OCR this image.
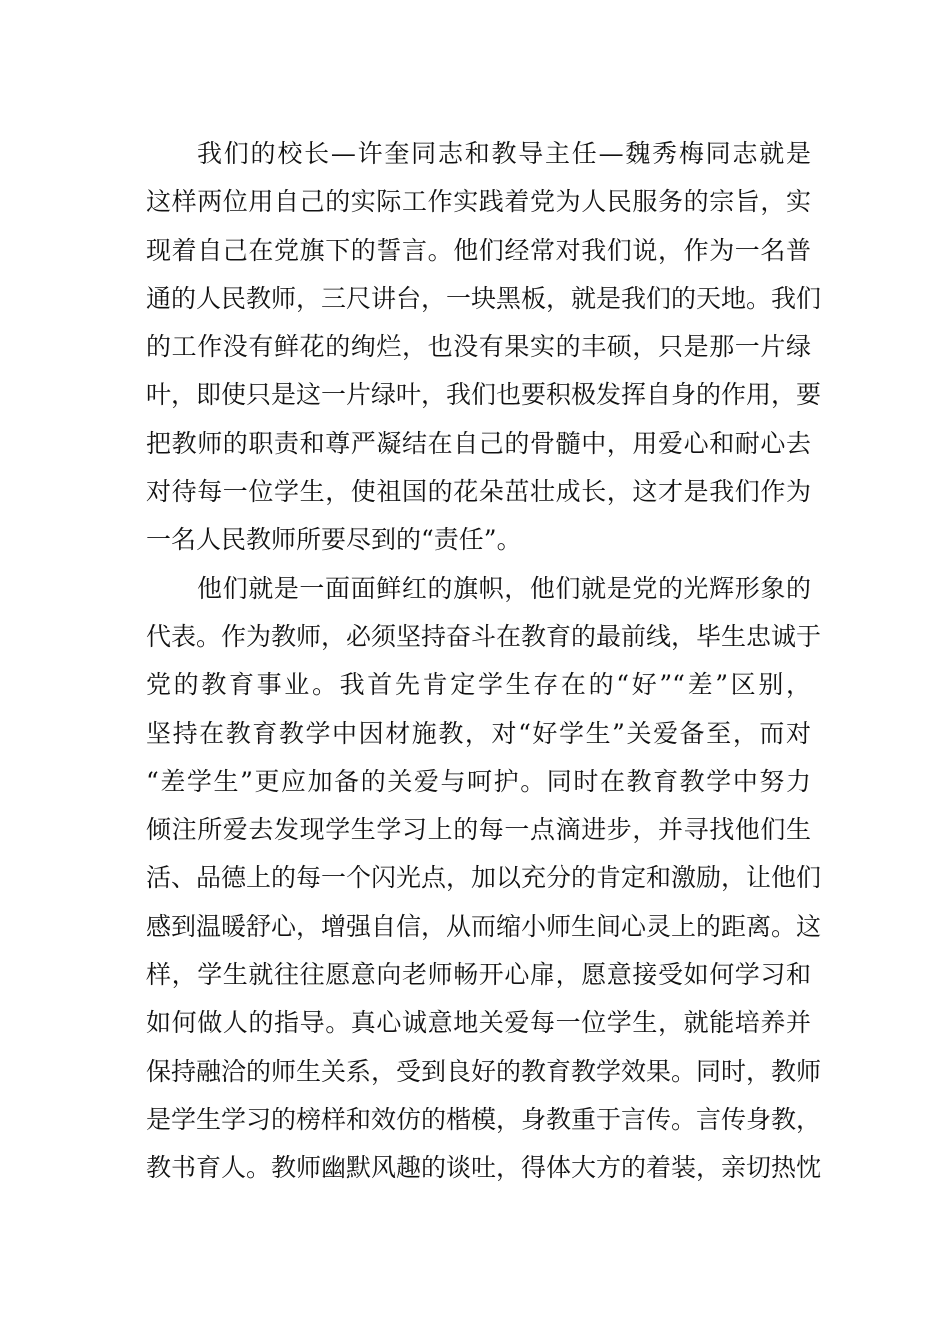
我们的校长—许奎同志和教导主任—魏秀梅同志就是
这样两位用自己的实际工作实践着党为人民服务的宗旨，实
现着自己在党旗下的誓言。他们经常对我们说，作为一名普
通的人民教师，三尺讲台，一块黑板，就是我们的天地。我们
的工作没有鲜花的绚烂，也没有果实的丰硕，只是那一片绿
叶，即使只是这一片绿叶，我们也要积极发挥自身的作用，要
把教师的职责和尊严凝结在自己的骨髓中，用爱心和耐心去
对待每一位学生，使祖国的花朵茁壮成长，这才是我们作为
一名人民教师所要尽到的“责任”。
他们就是一面面鲜红的旗帜，他们就是党的光辉形象的
代表。作为教师，必须坚持奋斗在教育的最前线，毕生忠诚于
党的教育事业。我首先肯定学生存在的“好”“差”区别，
坚持在教育教学中因材施教，对“好学生”关爱备至，而对
“差学生”更应加备的关爱与呵护。同时在教育教学中努力
倾注所爱去发现学生学习上的每一点滴进步，并寻找他们生
活、品德上的每一个闪光点，加以充分的肯定和激励，让他们
感到温暖舒心，增强自信，从而缩小师生间心灵上的距离。这
样，学生就往往愿意向老师畅开心扉，愿意接受如何学习和
如何做人的指导。真心诚意地关爱每一位学生，就能培养并
保持融洽的师生关系，受到良好的教育教学效果。同时，教师
是学生学习的榜样和效仿的楷模，身教重于言传。言传身教，
教书育人。教师幽默风趣的谈吐，得体大方的着装，亲切热忱
